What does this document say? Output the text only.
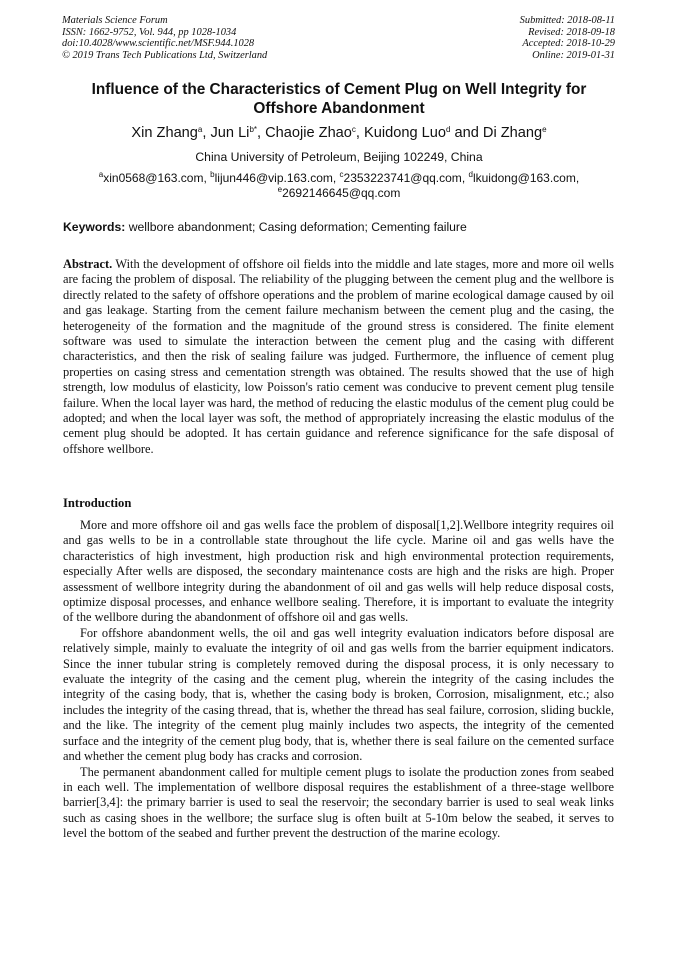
Materials Science Forum
ISSN: 1662-9752, Vol. 944, pp 1028-1034
doi:10.4028/www.scientific.net/MSF.944.1028
© 2019 Trans Tech Publications Ltd, Switzerland
Submitted: 2018-08-11
Revised: 2018-09-18
Accepted: 2018-10-29
Online: 2019-01-31
Influence of the Characteristics of Cement Plug on Well Integrity for Offshore Abandonment
Xin Zhang$^a$, Jun $Li^{b*}$, Chaojie Zhao$^c$, Kuidong Luo$^d$ and Di Zhang$^e$
China University of Petroleum, Beijing 102249, China
$^a$xin0568@163.com, $^b$lijun446@vip.163.com, $^c$2353223741@qq.com, $^d$lkuidong@163.com,
$^e$2692146645@qq.com
Keywords: wellbore abandonment; Casing deformation; Cementing failure
Abstract. With the development of offshore oil fields into the middle and late stages, more and more oil wells are facing the problem of disposal. The reliability of the plugging between the cement plug and the wellbore is directly related to the safety of offshore operations and the problem of marine ecological damage caused by oil and gas leakage. Starting from the cement failure mechanism between the cement plug and the casing, the heterogeneity of the formation and the magnitude of the ground stress is considered. The finite element software was used to simulate the interaction between the cement plug and the casing with different characteristics, and then the risk of sealing failure was judged. Furthermore, the influence of cement plug properties on casing stress and cementation strength was obtained. The results showed that the use of high strength, low modulus of elasticity, low Poisson's ratio cement was conducive to prevent cement plug tensile failure. When the local layer was hard, the method of reducing the elastic modulus of the cement plug could be adopted; and when the local layer was soft, the method of appropriately increasing the elastic modulus of the cement plug should be adopted. It has certain guidance and reference significance for the safe disposal of offshore wellbore.
Introduction

More and more offshore oil and gas wells face the problem of disposal[1,2].Wellbore integrity requires oil and gas wells to be in a controllable state throughout the life cycle. Marine oil and gas wells have the characteristics of high investment, high production risk and high environmental protection requirements, especially After wells are disposed, the secondary maintenance costs are high and the risks are high. Proper assessment of wellbore integrity during the abandonment of oil and gas wells will help reduce disposal costs, optimize disposal processes, and enhance wellbore sealing. Therefore, it is important to evaluate the integrity of the wellbore during the abandonment of offshore oil and gas wells.

For offshore abandonment wells, the oil and gas well integrity evaluation indicators before disposal are relatively simple, mainly to evaluate the integrity of oil and gas wells from the barrier equipment indicators. Since the inner tubular string is completely removed during the disposal process, it is only necessary to evaluate the integrity of the casing and the cement plug, wherein the integrity of the casing includes the integrity of the casing body, that is, whether the casing body is broken, Corrosion, misalignment, etc.; also includes the integrity of the casing thread, that is, whether the thread has seal failure, corrosion, sliding buckle, and the like. The integrity of the cement plug mainly includes two aspects, the integrity of the cemented surface and the integrity of the cement plug body, that is, whether there is seal failure on the cemented surface and whether the cement plug body has cracks and corrosion.

The permanent abandonment called for multiple cement plugs to isolate the production zones from seabed in each well. The implementation of wellbore disposal requires the establishment of a three-stage wellbore barrier[3,4]: the primary barrier is used to seal the reservoir; the secondary barrier is used to seal weak links such as casing shoes in the wellbore; the surface slug is often built at 5-10m below the seabed, it serves to level the bottom of the seabed and further prevent the destruction of the marine ecology.
